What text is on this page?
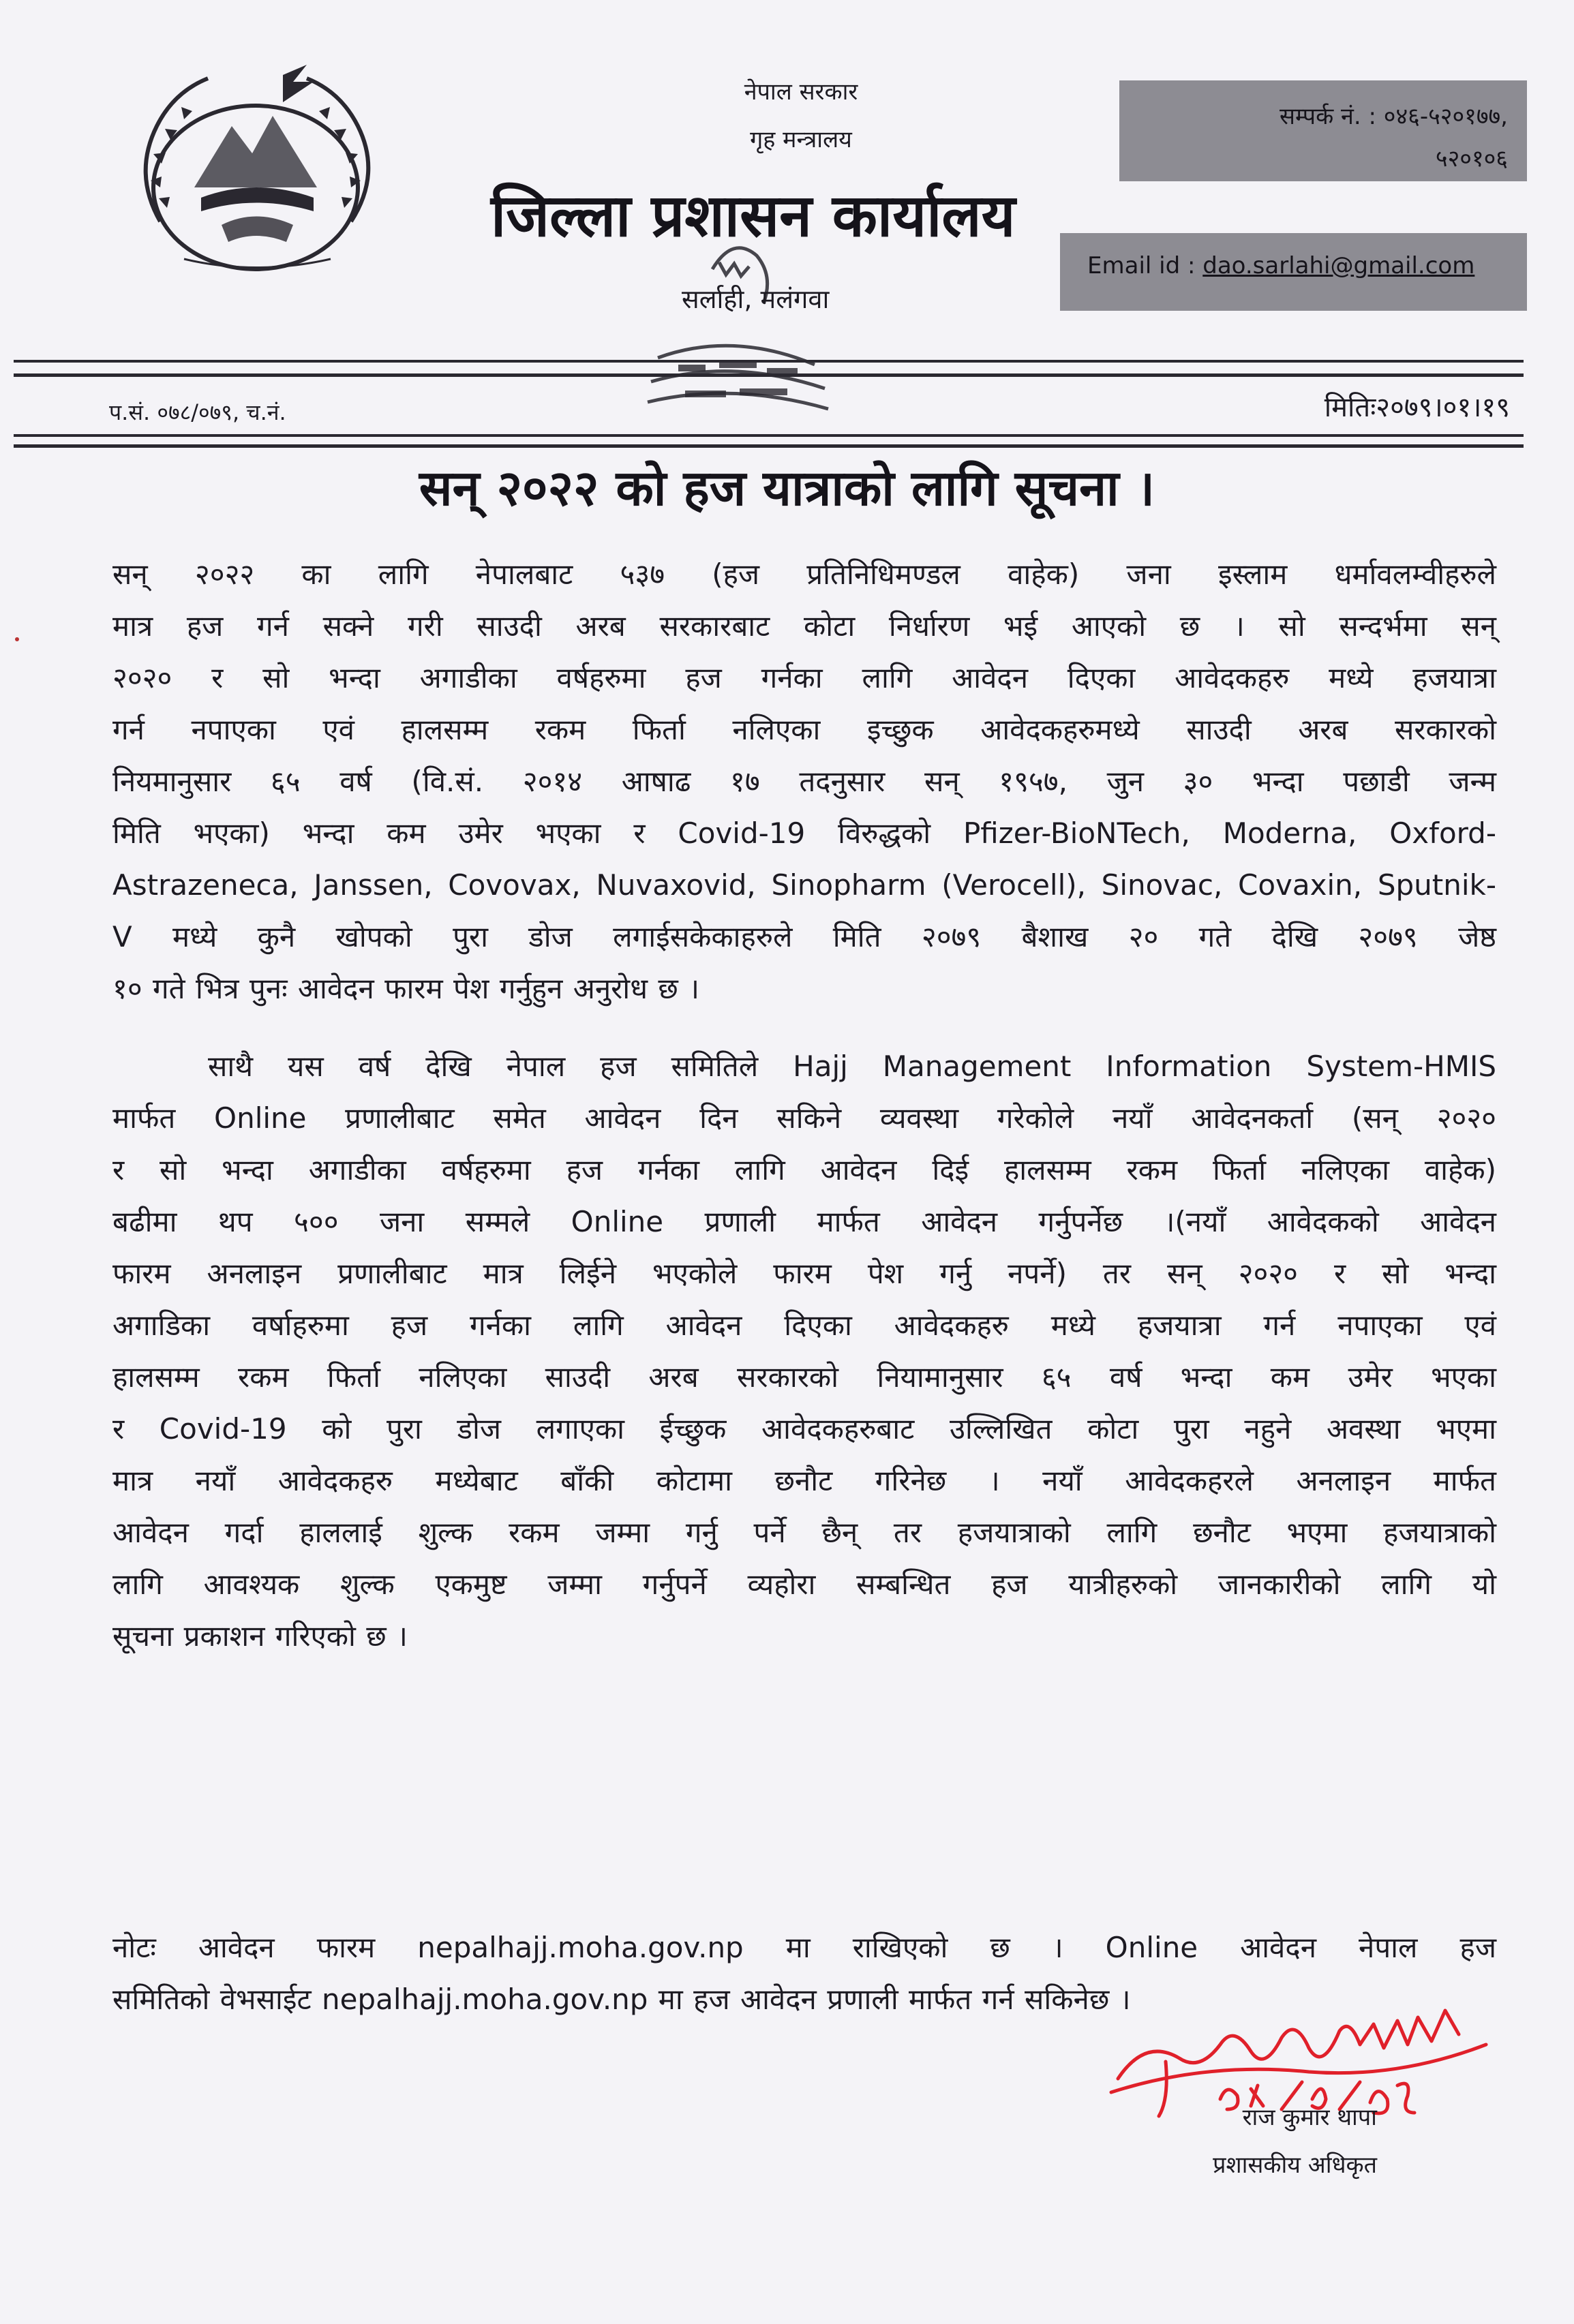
नेपाल सरकार
गृह मन्त्रालय
जिल्ला प्रशासन कार्यालय
सम्पर्क नं. : ०४६-५२०१७७,
५२०१०६
Email id : dao.sarlahi@gmail.com
सर्लाही, मलंगवा
प.सं. ०७८/०७९, च.नं.	मितिः२०७९।०१।१९
सन् २०२२ को हज यात्राको लागि सूचना ।
सन् २०२२ का लागि नेपालबाट ५३७ (हज प्रतिनिधिमण्डल वाहेक) जना इस्लाम धर्मावलम्वीहरुले
मात्र हज गर्न सक्ने गरी साउदी अरब सरकारबाट कोटा निर्धारण भई आएको छ । सो सन्दर्भमा सन्
२०२० र सो भन्दा अगाडीका वर्षहरुमा हज गर्नका लागि आवेदन दिएका आवेदकहरु मध्ये हजयात्रा
गर्न नपाएका एवं हालसम्म रकम फिर्ता नलिएका इच्छुक आवेदकहरुमध्ये साउदी अरब सरकारको
नियमानुसार ६५ वर्ष (वि.सं. २०१४ आषाढ १७ तदनुसार सन् १९५७, जुन ३० भन्दा पछाडी जन्म
मिति भएका) भन्दा कम उमेर भएका र Covid-19 विरुद्धको Pfizer-BioNTech, Moderna, Oxford-
Astrazeneca, Janssen, Covovax, Nuvaxovid, Sinopharm (Verocell), Sinovac, Covaxin, Sputnik-
V मध्ये कुनै खोपको पुरा डोज लगाईसकेकाहरुले मिति २०७९ बैशाख २० गते देखि २०७९ जेष्ठ
१० गते भित्र पुनः आवेदन फारम पेश गर्नुहुन अनुरोध छ ।
साथै यस वर्ष देखि नेपाल हज समितिले Hajj Management Information System-HMIS
मार्फत Online प्रणालीबाट समेत आवेदन दिन सकिने व्यवस्था गरेकोले नयाँ आवेदनकर्ता (सन् २०२०
र सो भन्दा अगाडीका वर्षहरुमा हज गर्नका लागि आवेदन दिई हालसम्म रकम फिर्ता नलिएका वाहेक)
बढीमा थप ५०० जना सम्मले Online प्रणाली मार्फत आवेदन गर्नुपर्नेछ ।(नयाँ आवेदकको आवेदन
फारम अनलाइन प्रणालीबाट मात्र लिईने भएकोले फारम पेश गर्नु नपर्ने) तर सन् २०२० र सो भन्दा
अगाडिका वर्षाहरुमा हज गर्नका लागि आवेदन दिएका आवेदकहरु मध्ये हजयात्रा गर्न नपाएका एवं
हालसम्म रकम फिर्ता नलिएका साउदी अरब सरकारको नियामानुसार ६५ वर्ष भन्दा कम उमेर भएका
र Covid-19 को पुरा डोज लगाएका ईच्छुक आवेदकहरुबाट उल्लिखित कोटा पुरा नहुने अवस्था भएमा
मात्र नयाँ आवेदकहरु मध्येबाट बाँकी कोटामा छनौट गरिनेछ । नयाँ आवेदकहरले अनलाइन मार्फत
आवेदन गर्दा हाललाई शुल्क रकम जम्मा गर्नु पर्ने छैन् तर हजयात्राको लागि छनौट भएमा हजयात्राको
लागि आवश्यक शुल्क एकमुष्ट जम्मा गर्नुपर्ने व्यहोरा सम्बन्धित हज यात्रीहरुको जानकारीको लागि यो
सूचना प्रकाशन गरिएको छ ।
नोटः आवेदन फारम nepalhajj.moha.gov.np मा राखिएको छ । Online आवेदन नेपाल हज
समितिको वेभसाईट nepalhajj.moha.gov.np मा हज आवेदन प्रणाली मार्फत गर्न सकिनेछ ।
राज कुमार थापा
प्रशासकीय अधिकृत
